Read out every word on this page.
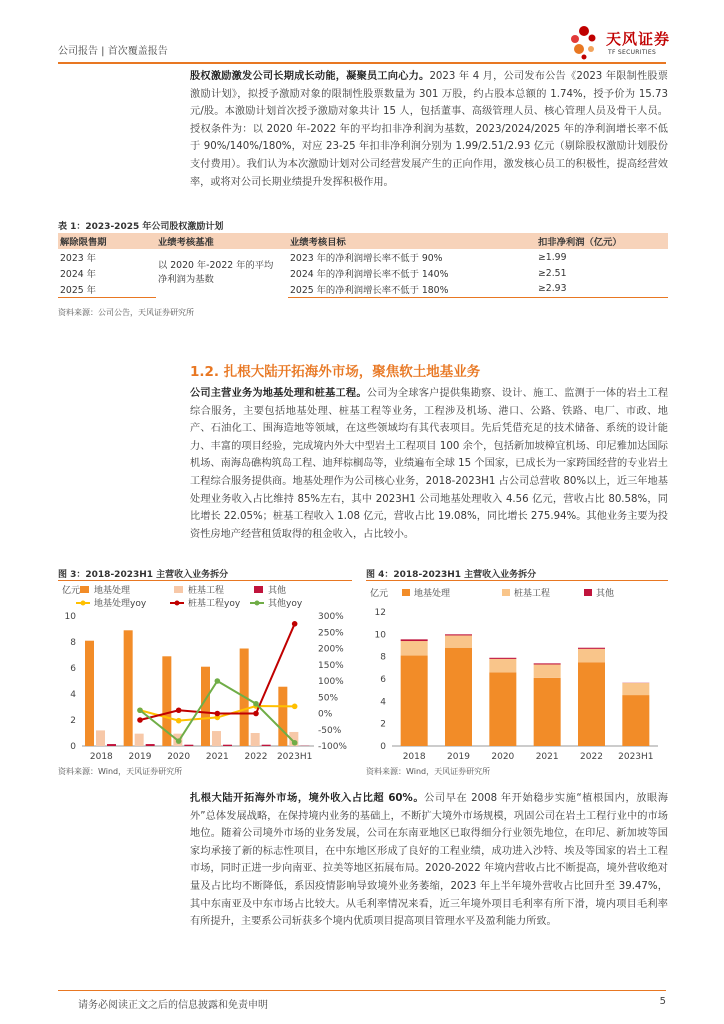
公司报告 | 首次覆盖报告
天风证券
TF SECURITIES
股权激励激发公司长期成长动能，凝聚员工向心力。2023 年 4 月，公司发布公告《2023 年限制性股票激励计划》，拟授予激励对象的限制性股票数量为 301 万股，约占股本总额的 1.74%，授予价为 15.73 元/股。本激励计划首次授予激励对象共计 15 人，包括董事、高级管理人员、核心管理人员及骨干人员。授权条件为：以 2020 年-2022 年的平均扣非净利润为基数，2023/2024/2025 年的净利润增长率不低于 90%/140%/180%，对应 23-25 年扣非净利润分别为 1.99/2.51/2.93 亿元（剔除股权激励计划股份支付费用）。我们认为本次激励计划对公司经营发展产生的正向作用，激发核心员工的积极性，提高经营效率，或将对公司长期业绩提升发挥积极作用。
表 1：2023-2025 年公司股权激励计划
解除限售期	业绩考核基准	业绩考核目标	扣非净利润（亿元）
2023 年	以 2020 年-2022 年的平均净利润为基数	2023 年的净利润增长率不低于 90%	≥1.99
2024 年		2024 年的净利润增长率不低于 140%	≥2.51
2025 年		2025 年的净利润增长率不低于 180%	≥2.93
资料来源：公司公告，天风证券研究所
1.2. 扎根大陆开拓海外市场，聚焦软土地基业务
公司主营业务为地基处理和桩基工程。公司为全球客户提供集勘察、设计、施工、监测于一体的岩土工程综合服务，主要包括地基处理、桩基工程等业务，工程涉及机场、港口、公路、铁路、电厂、市政、地产、石油化工、围海造地等领域，在这些领域均有其代表项目。先后凭借充足的技术储备、系统的设计能力、丰富的项目经验，完成境内外大中型岩土工程项目 100 余个，包括新加坡樟宜机场、印尼雅加达国际机场、南海岛礁构筑岛工程、迪拜棕榈岛等，业绩遍布全球 15 个国家，已成长为一家跨国经营的专业岩土工程综合服务提供商。地基处理作为公司核心业务，2018-2023H1 占公司总营收 80%以上，近三年地基处理业务收入占比维持 85%左右，其中 2023H1 公司地基处理收入 4.56 亿元，营收占比 80.58%，同比增长 22.05%；桩基工程收入 1.08 亿元，营收占比 19.08%，同比增长 275.94%。其他业务主要为投资性房地产经营租赁取得的租金收入，占比较小。
图 3：2018-2023H1 主营收入业务拆分
亿元 地基处理	桩基工程	其他
地基处理yoy	桩基工程yoy	其他yoy
0
2
4
6
8
10
-100%
-50%
0%
50%
100%
150%
200%
250%
300%
2018 2019 2020 2021 2022 2023H1
资料来源：Wind，天风证券研究所
图 4：2018-2023H1 主营收入业务拆分
亿元	地基处理	桩基工程	其他
0
2
4
6
8
10
12
2018 2019 2020 2021 2022 2023H1
资料来源：Wind，天风证券研究所
扎根大陆开拓海外市场，境外收入占比超 60%。公司早在 2008 年开始稳步实施“植根国内，放眼海外”总体发展战略，在保持境内业务的基础上，不断扩大境外市场规模，巩固公司在岩土工程行业中的市场地位。随着公司境外市场的业务发展，公司在东南亚地区已取得细分行业领先地位，在印尼、新加坡等国家均承接了新的标志性项目，在中东地区形成了良好的工程业绩，成功进入沙特、埃及等国家的岩土工程市场，同时正进一步向南亚、拉美等地区拓展布局。2020-2022 年境内营收占比不断提高，境外营收绝对量及占比均不断降低，系因疫情影响导致境外业务萎缩，2023 年上半年境外营收占比回升至 39.47%，其中东南亚及中东市场占比较大。从毛利率情况来看，近三年境外项目毛利率有所下滑，境内项目毛利率有所提升，主要系公司斩获多个境内优质项目提高项目管理水平及盈利能力所致。
请务必阅读正文之后的信息披露和免责申明	5
